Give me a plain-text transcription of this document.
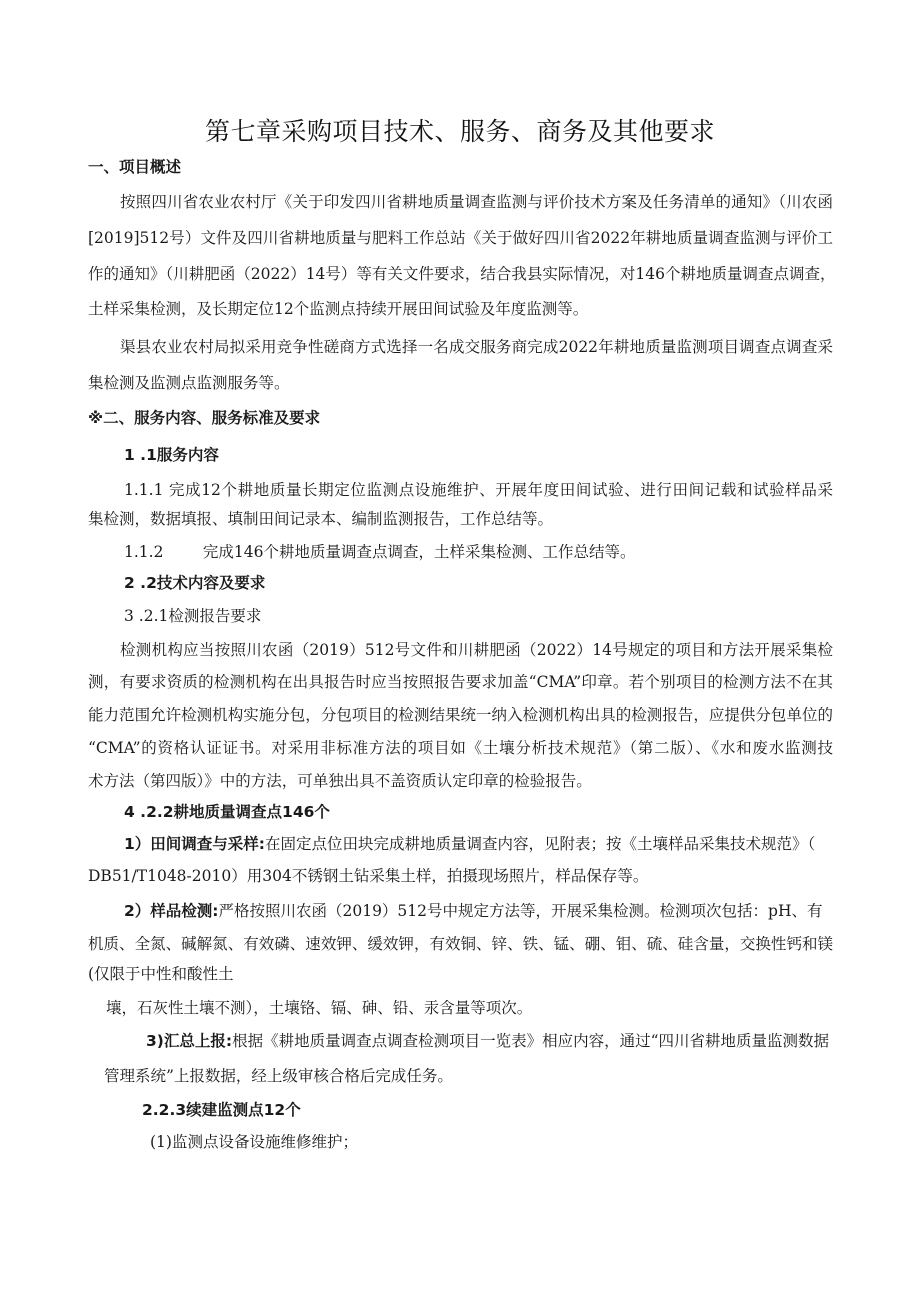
第七章采购项目技术、服务、商务及其他要求
一、项目概述
按照四川省农业农村厅《关于印发四川省耕地质量调查监测与评价技术方案及任务清单的通知》（川农函
[2019]512号）文件及四川省耕地质量与肥料工作总站《关于做好四川省2022年耕地质量调查监测与评价工
作的通知》（川耕肥函（2022）14号）等有关文件要求，结合我县实际情况，对146个耕地质量调查点调查，
土样采集检测，及长期定位12个监测点持续开展田间试验及年度监测等。
渠县农业农村局拟采用竞争性磋商方式选择一名成交服务商完成2022年耕地质量监测项目调查点调查采
集检测及监测点监测服务等。
※二、服务内容、服务标准及要求
1 .1服务内容
1.1.1 完成12个耕地质量长期定位监测点设施维护、开展年度田间试验、进行田间记载和试验样品采
集检测，数据填报、填制田间记录本、编制监测报告，工作总结等。
1.1.2        完成146个耕地质量调查点调查，土样采集检测、工作总结等。
2 .2技术内容及要求
3 .2.1检测报告要求
检测机构应当按照川农函（2019）512号文件和川耕肥函（2022）14号规定的项目和方法开展采集检
测，有要求资质的检测机构在出具报告时应当按照报告要求加盖“CMA”印章。若个别项目的检测方法不在其
能力范围允许检测机构实施分包，分包项目的检测结果统一纳入检测机构出具的检测报告，应提供分包单位的
“CMA”的资格认证证书。对采用非标准方法的项目如《土壤分析技术规范》（第二版）、《水和废水监测技
术方法（第四版）》中的方法，可单独出具不盖资质认定印章的检验报告。
4 .2.2耕地质量调查点146个
1）田间调查与采样:在固定点位田块完成耕地质量调查内容，见附表；按《土壤样品采集技术规范》（
DB51/T1048-2010）用304不锈钢土钻采集土样，拍摄现场照片，样品保存等。
2）样品检测:严格按照川农函（2019）512号中规定方法等，开展采集检测。检测项次包括：pH、有
机质、全氮、碱解氮、有效磷、速效钾、缓效钾，有效铜、锌、铁、锰、硼、钼、硫、硅含量，交换性钙和镁
(仅限于中性和酸性土
壤，石灰性土壤不测），土壤铬、镉、砷、铅、汞含量等项次。
3)汇总上报:根据《耕地质量调查点调查检测项目一览表》相应内容，通过“四川省耕地质量监测数据
管理系统”上报数据，经上级审核合格后完成任务。
2.2.3续建监测点12个
(1)监测点设备设施维修维护；
